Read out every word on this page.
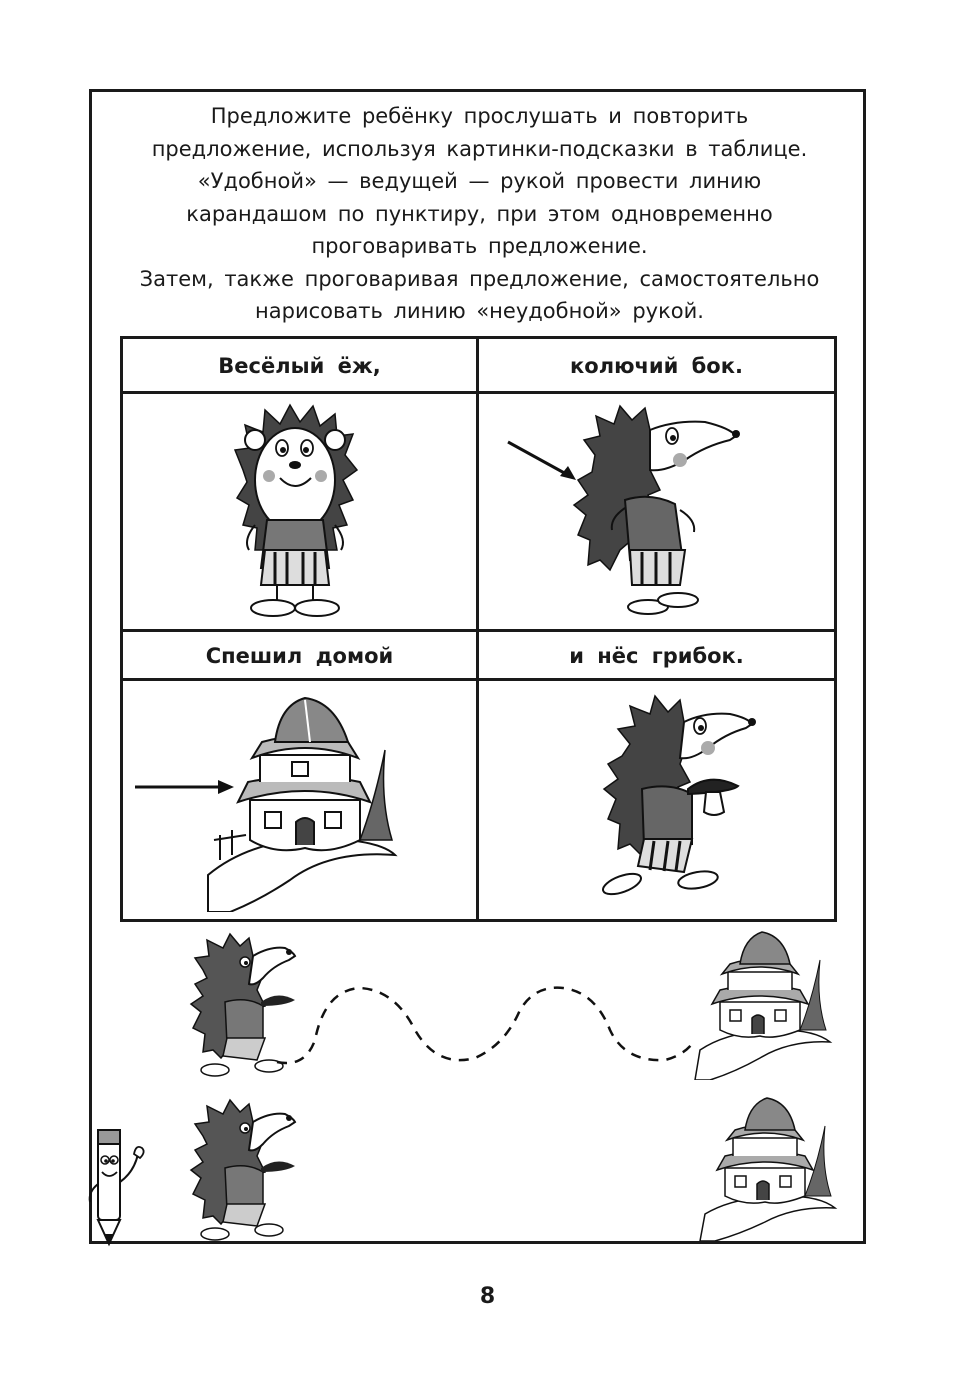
Предложите ребёнку прослушать и повторить

предложение, используя картинки-подсказки в таблице.

«Удобной» — ведущей — рукой провести линию

карандашом по пунктиру, при этом одновременно

проговаривать предложение.

Затем, также проговаривая предложение, самостоятельно

нарисовать линию «неудобной» рукой.

Весёлый ёж,	колючий бок.
Спешил домой	и нёс грибок.
8
